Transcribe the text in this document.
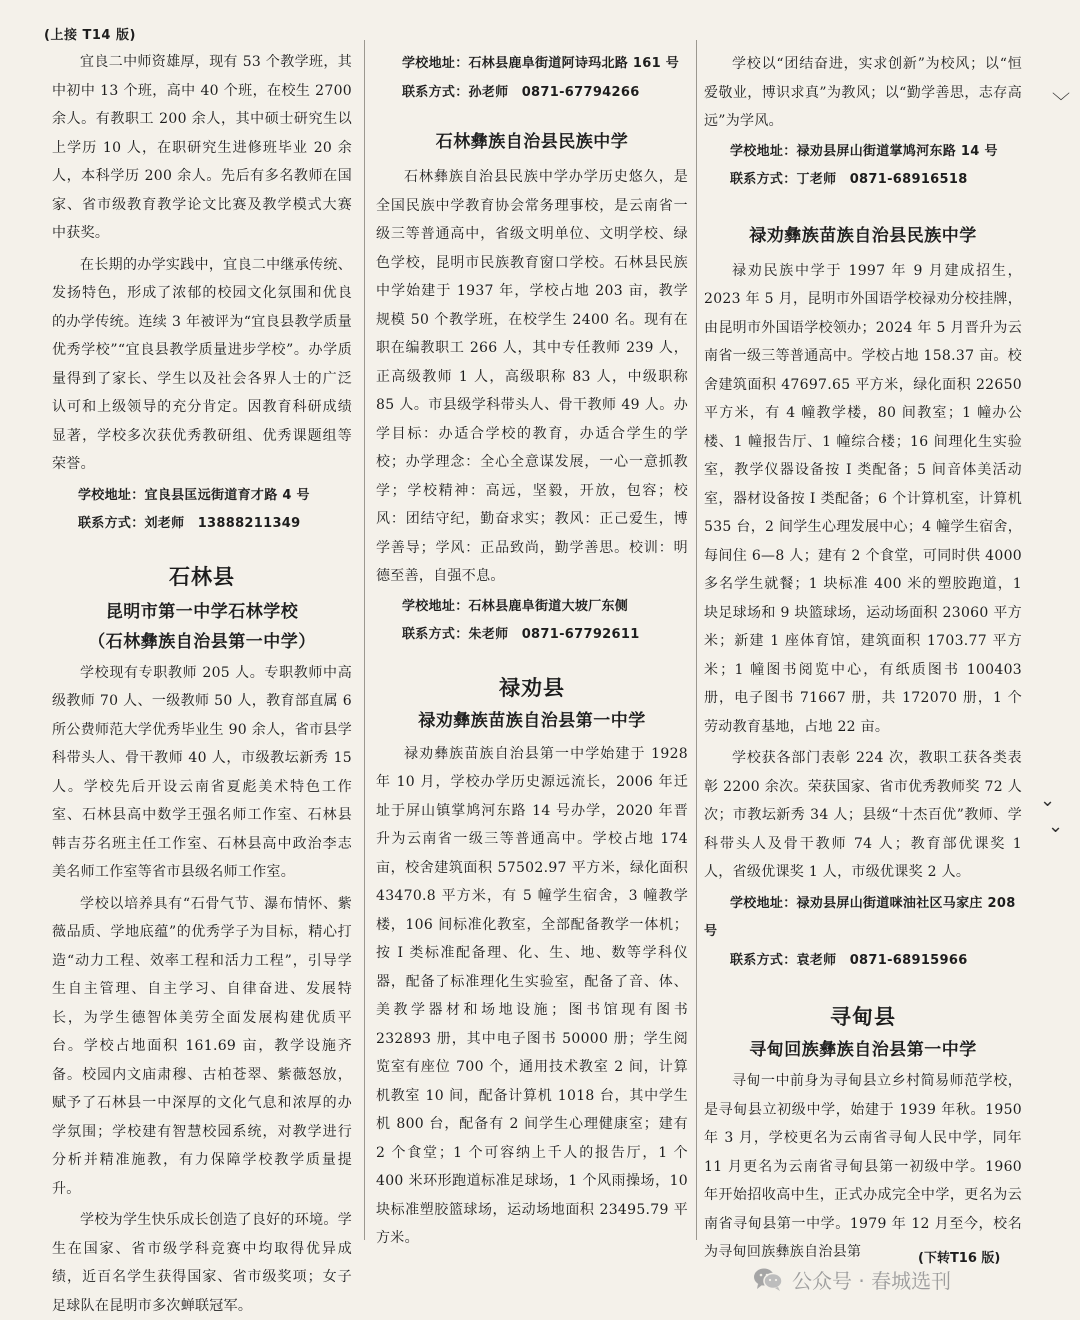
(上接 T14 版)

宜良二中师资雄厚，现有 53 个教学班，其中初中 13 个班，高中 40 个班，在校生 2700 余人。有教职工 200 余人，其中硕士研究生以上学历 10 人，在职研究生进修班毕业 20 余人，本科学历 200 余人。先后有多名教师在国家、省市级教育教学论文比赛及教学模式大赛中获奖。

在长期的办学实践中，宜良二中继承传统、发扬特色，形成了浓郁的校园文化氛围和优良的办学传统。连续 3 年被评为“宜良县教学质量优秀学校”“宜良县教学质量进步学校”。办学质量得到了家长、学生以及社会各界人士的广泛认可和上级领导的充分肯定。因教育科研成绩显著，学校多次获优秀教研组、优秀课题组等荣誉。

学校地址：宜良县匡远街道育才路 4 号

联系方式：刘老师　13888211349

石林县
昆明市第一中学石林学校
（石林彝族自治县第一中学）

学校现有专职教师 205 人。专职教师中高级教师 70 人、一级教师 50 人，教育部直属 6 所公费师范大学优秀毕业生 90 余人，省市县学科带头人、骨干教师 40 人，市级教坛新秀 15 人。学校先后开设云南省夏彪美术特色工作室、石林县高中数学王强名师工作室、石林县韩吉芬名班主任工作室、石林县高中政治李志美名师工作室等省市县级名师工作室。

学校以培养具有“石骨气节、瀑布情怀、紫薇品质、学地底蕴”的优秀学子为目标，精心打造“动力工程、效率工程和活力工程”，引导学生自主管理、自主学习、自律奋进、发展特长，为学生德智体美劳全面发展构建优质平台。学校占地面积 161.69 亩，教学设施齐备。校园内文庙肃穆、古柏苍翠、紫薇怒放，赋予了石林县一中深厚的文化气息和浓厚的办学氛围；学校建有智慧校园系统，对教学进行分析并精准施教，有力保障学校教学质量提升。

学校为学生快乐成长创造了良好的环境。学生在国家、省市级学科竞赛中均取得优异成绩，近百名学生获得国家、省市级奖项；女子足球队在昆明市多次蝉联冠军。

学校地址：石林县鹿阜街道阿诗玛北路 161 号

联系方式：孙老师　0871-67794266

石林彝族自治县民族中学

石林彝族自治县民族中学办学历史悠久，是全国民族中学教育协会常务理事校，是云南省一级三等普通高中，省级文明单位、文明学校、绿色学校，昆明市民族教育窗口学校。石林县民族中学始建于 1937 年，学校占地 203 亩，教学规模 50 个教学班，在校学生 2400 名。现有在职在编教职工 266 人，其中专任教师 239 人，正高级教师 1 人，高级职称 83 人，中级职称 85 人。市县级学科带头人、骨干教师 49 人。办学目标：办适合学校的教育，办适合学生的学校；办学理念：全心全意谋发展，一心一意抓教学；学校精神：高远，坚毅，开放，包容；校风：团结守纪，勤奋求实；教风：正己爱生，博学善导；学风：正品致尚，勤学善思。校训：明德至善，自强不息。

学校地址：石林县鹿阜街道大坡厂东侧

联系方式：朱老师　0871-67792611

禄劝县
禄劝彝族苗族自治县第一中学

禄劝彝族苗族自治县第一中学始建于 1928 年 10 月，学校办学历史源远流长，2006 年迁址于屏山镇掌鸠河东路 14 号办学，2020 年晋升为云南省一级三等普通高中。学校占地 174 亩，校舍建筑面积 57502.97 平方米，绿化面积 43470.8 平方米，有 5 幢学生宿舍，3 幢教学楼，106 间标准化教室，全部配备教学一体机；按 I 类标准配备理、化、生、地、数等学科仪器，配备了标准理化生实验室，配备了音、体、美教学器材和场地设施；图书馆现有图书 232893 册，其中电子图书 50000 册；学生阅览室有座位 700 个，通用技术教室 2 间，计算机教室 10 间，配备计算机 1018 台，其中学生机 800 台，配备有 2 间学生心理健康室；建有 2 个食堂；1 个可容纳上千人的报告厅，1 个 400 米环形跑道标准足球场，1 个风雨操场，10 块标准塑胶篮球场，运动场地面积 23495.79 平方米。

学校以“团结奋进，实求创新”为校风；以“恒爱敬业，博识求真”为教风；以“勤学善思，志存高远”为学风。

学校地址：禄劝县屏山街道掌鸠河东路 14 号

联系方式：丁老师　0871-68916518

禄劝彝族苗族自治县民族中学

禄劝民族中学于 1997 年 9 月建成招生，2023 年 5 月，昆明市外国语学校禄劝分校挂牌，由昆明市外国语学校领办；2024 年 5 月晋升为云南省一级三等普通高中。学校占地 158.37 亩。校舍建筑面积 47697.65 平方米，绿化面积 22650 平方米，有 4 幢教学楼，80 间教室；1 幢办公楼、1 幢报告厅、1 幢综合楼；16 间理化生实验室，教学仪器设备按 I 类配备；5 间音体美活动室，器材设备按 I 类配备；6 个计算机室，计算机 535 台，2 间学生心理发展中心；4 幢学生宿舍，每间住 6—8 人；建有 2 个食堂，可同时供 4000 多名学生就餐；1 块标准 400 米的塑胶跑道，1 块足球场和 9 块篮球场，运动场面积 23060 平方米；新建 1 座体育馆，建筑面积 1703.77 平方米；1 幢图书阅览中心，有纸质图书 100403 册，电子图书 71667 册，共 172070 册，1 个劳动教育基地，占地 22 亩。

学校获各部门表彰 224 次，教职工获各类表彰 2200 余次。荣获国家、省市优秀教师奖 72 人次；市教坛新秀 34 人；县级“十杰百优”教师、学科带头人及骨干教师 74 人；教育部优课奖 1 人，省级优课奖 1 人，市级优课奖 2 人。

学校地址：禄劝县屏山街道咪油社区马家庄 208 号

联系方式：袁老师　0871-68915966

寻甸县
寻甸回族彝族自治县第一中学

寻甸一中前身为寻甸县立乡村简易师范学校，是寻甸县立初级中学，始建于 1939 年秋。1950 年 3 月，学校更名为云南省寻甸人民中学，同年 11 月更名为云南省寻甸县第一初级中学。1960 年开始招收高中生，正式办成完全中学，更名为云南省寻甸县第一中学。1979 年 12 月至今，校名为寻甸回族彝族自治县第	(下转T16 版)
﹀
⌄
⌄
公众号 · 春城选刊
